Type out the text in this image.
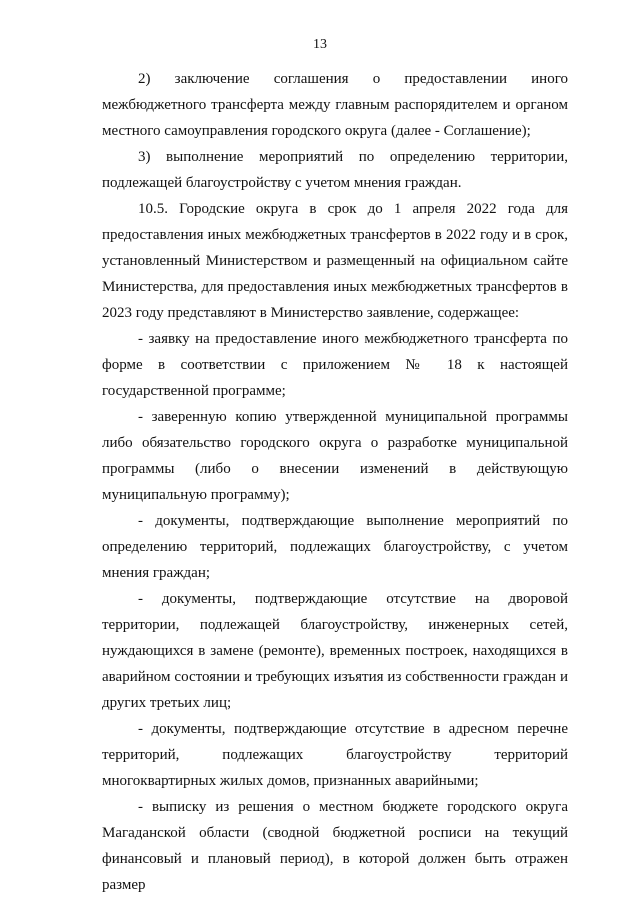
13

2) заключение соглашения о предоставлении иного межбюджетного трансферта между главным распорядителем и органом местного самоуправления городского округа (далее - Соглашение);

3) выполнение мероприятий по определению территории, подлежащей благоустройству с учетом мнения граждан.

10.5. Городские округа в срок до 1 апреля 2022 года для предоставления иных межбюджетных трансфертов в 2022 году и в срок, установленный Министерством и размещенный на официальном сайте Министерства, для предоставления иных межбюджетных трансфертов в 2023 году представляют в Министерство заявление, содержащее:

- заявку на предоставление иного межбюджетного трансферта по форме в соответствии с приложением № 18 к настоящей государственной программе;

- заверенную копию утвержденной муниципальной программы либо обязательство городского округа о разработке муниципальной программы (либо о внесении изменений в действующую муниципальную программу);

- документы, подтверждающие выполнение мероприятий по определению территорий, подлежащих благоустройству, с учетом мнения граждан;

- документы, подтверждающие отсутствие на дворовой территории, подлежащей благоустройству, инженерных сетей, нуждающихся в замене (ремонте), временных построек, находящихся в аварийном состоянии и требующих изъятия из собственности граждан и других третьих лиц;

- документы, подтверждающие отсутствие в адресном перечне территорий, подлежащих благоустройству территорий многоквартирных жилых домов, признанных аварийными;

- выписку из решения о местном бюджете городского округа Магаданской области (сводной бюджетной росписи на текущий финансовый и плановый период), в которой должен быть отражен размер
